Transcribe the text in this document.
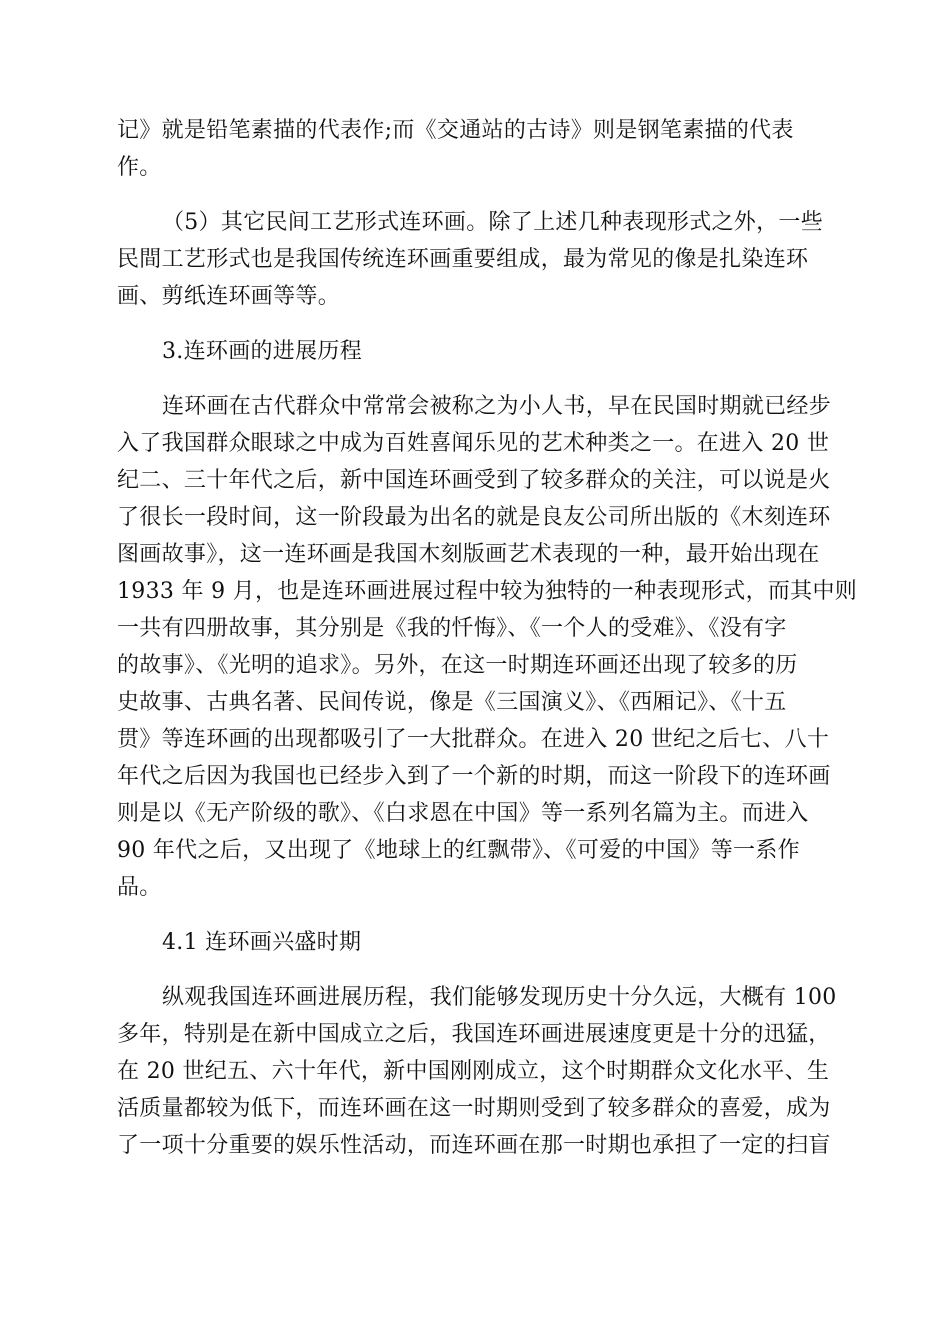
记》就是铅笔素描的代表作;而《交通站的古诗》则是钢笔素描的代表

作。

（5）其它民间工艺形式连环画。除了上述几种表现形式之外，一些

民間工艺形式也是我国传统连环画重要组成，最为常见的像是扎染连环

画、剪纸连环画等等。

3.连环画的进展历程

连环画在古代群众中常常会被称之为小人书，早在民国时期就已经步

入了我国群众眼球之中成为百姓喜闻乐见的艺术种类之一。在进入 20 世

纪二、三十年代之后，新中国连环画受到了较多群众的关注，可以说是火

了很长一段时间，这一阶段最为出名的就是良友公司所出版的《木刻连环

图画故事》，这一连环画是我国木刻版画艺术表现的一种，最开始出现在

1933 年 9 月，也是连环画进展过程中较为独特的一种表现形式，而其中则

一共有四册故事，其分别是《我的忏悔》、《一个人的受难》、《没有字

的故事》、《光明的追求》。另外，在这一时期连环画还出现了较多的历

史故事、古典名著、民间传说，像是《三国演义》、《西厢记》、《十五

贯》等连环画的出现都吸引了一大批群众。在进入 20 世纪之后七、八十

年代之后因为我国也已经步入到了一个新的时期，而这一阶段下的连环画

则是以《无产阶级的歌》、《白求恩在中国》等一系列名篇为主。而进入

90 年代之后，又出现了《地球上的红飘带》、《可爱的中国》等一系作

品。

4.1 连环画兴盛时期

纵观我国连环画进展历程，我们能够发现历史十分久远，大概有 100

多年，特别是在新中国成立之后，我国连环画进展速度更是十分的迅猛，

在 20 世纪五、六十年代，新中国刚刚成立，这个时期群众文化水平、生

活质量都较为低下，而连环画在这一时期则受到了较多群众的喜爱，成为

了一项十分重要的娱乐性活动，而连环画在那一时期也承担了一定的扫盲
